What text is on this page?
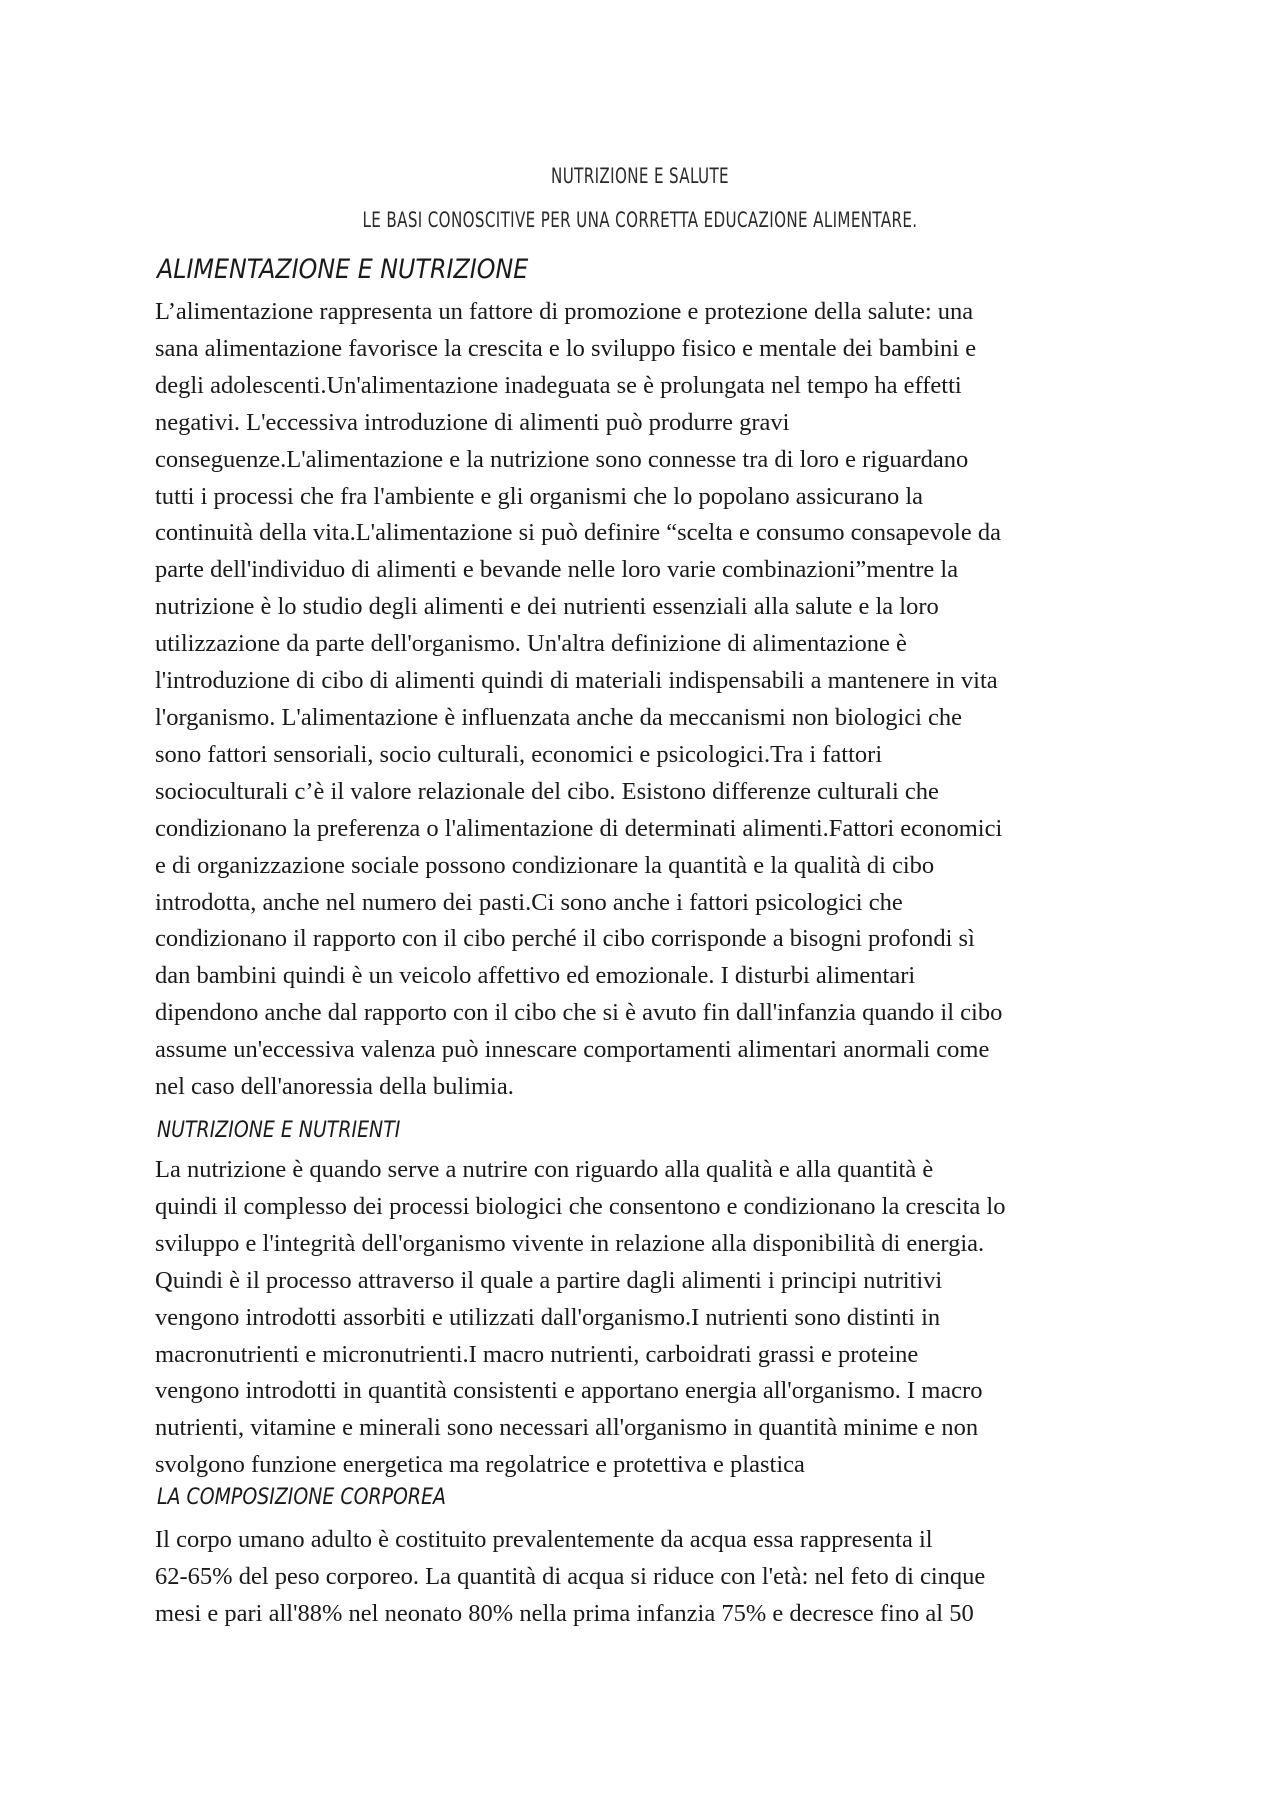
NUTRIZIONE E SALUTE
LE BASI CONOSCITIVE PER UNA CORRETTA EDUCAZIONE ALIMENTARE.
ALIMENTAZIONE E NUTRIZIONE
L’alimentazione rappresenta un fattore di promozione e protezione della salute: una
sana alimentazione favorisce la crescita e lo sviluppo fisico e mentale dei bambini e
degli adolescenti.Un'alimentazione inadeguata se è prolungata nel tempo ha effetti
negativi. L'eccessiva introduzione di alimenti può produrre gravi
conseguenze.L'alimentazione e la nutrizione sono connesse tra di loro e riguardano
tutti i processi che fra l'ambiente e gli organismi che lo popolano assicurano la
continuità della vita.L'alimentazione si può definire “scelta e consumo consapevole da
parte dell'individuo di alimenti e bevande nelle loro varie combinazioni”mentre la
nutrizione è lo studio degli alimenti e dei nutrienti essenziali alla salute e la loro
utilizzazione da parte dell'organismo. Un'altra definizione di alimentazione è
l'introduzione di cibo di alimenti quindi di materiali indispensabili a mantenere in vita
l'organismo. L'alimentazione è influenzata anche da meccanismi non biologici che
sono fattori sensoriali, socio culturali, economici e psicologici.Tra i fattori
socioculturali c’è il valore relazionale del cibo. Esistono differenze culturali che
condizionano la preferenza o l'alimentazione di determinati alimenti.Fattori economici
e di organizzazione sociale possono condizionare la quantità e la qualità di cibo
introdotta, anche nel numero dei pasti.Ci sono anche i fattori psicologici che
condizionano il rapporto con il cibo perché il cibo corrisponde a bisogni profondi sì
dan bambini quindi è un veicolo affettivo ed emozionale. I disturbi alimentari
dipendono anche dal rapporto con il cibo che si è avuto fin dall'infanzia quando il cibo
assume un'eccessiva valenza può innescare comportamenti alimentari anormali come
nel caso dell'anoressia della bulimia.
NUTRIZIONE E NUTRIENTI
La nutrizione è quando serve a nutrire con riguardo alla qualità e alla quantità è
quindi il complesso dei processi biologici che consentono e condizionano la crescita lo
sviluppo e l'integrità dell'organismo vivente in relazione alla disponibilità di energia.
Quindi è il processo attraverso il quale a partire dagli alimenti i principi nutritivi
vengono introdotti assorbiti e utilizzati dall'organismo.I nutrienti sono distinti in
macronutrienti e micronutrienti.I macro nutrienti, carboidrati grassi e proteine
vengono introdotti in quantità consistenti e apportano energia all'organismo. I macro
nutrienti, vitamine e minerali sono necessari all'organismo in quantità minime e non
svolgono funzione energetica ma regolatrice e protettiva e plastica
LA COMPOSIZIONE CORPOREA
Il corpo umano adulto è costituito prevalentemente da acqua essa rappresenta il
62-65% del peso corporeo. La quantità di acqua si riduce con l'età: nel feto di cinque
mesi e pari all'88% nel neonato 80% nella prima infanzia 75% e decresce fino al 50
